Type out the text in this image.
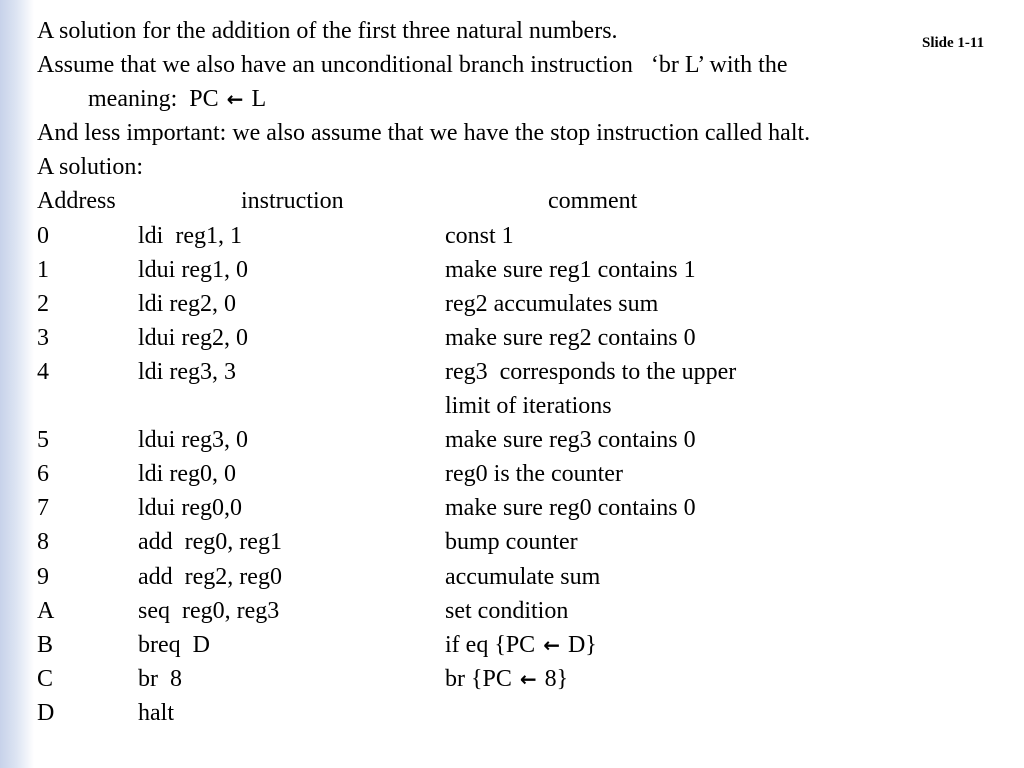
Slide 1-11
A solution for the addition of the first three natural numbers.
Assume that we also have an unconditional branch instruction   ‘br L’ with the
meaning:  PC ← L
And less important: we also assume that we have the stop instruction called halt.
A solution:
Address	instruction	comment
0	ldi  reg1, 1	const 1
1	ldui reg1, 0	make sure reg1 contains 1
2	ldi reg2, 0	reg2 accumulates sum
3	ldui reg2, 0	make sure reg2 contains 0
4	ldi reg3, 3	reg3  corresponds to the upper
limit of iterations
5	ldui reg3, 0	make sure reg3 contains 0
6	ldi reg0, 0	reg0 is the counter
7	ldui reg0,0	make sure reg0 contains 0
8	add  reg0, reg1	bump counter
9	add  reg2, reg0	accumulate sum
A	seq  reg0, reg3	set condition
B	breq  D	if eq {PC ← D}
C	br  8	br {PC ← 8}
D	halt
